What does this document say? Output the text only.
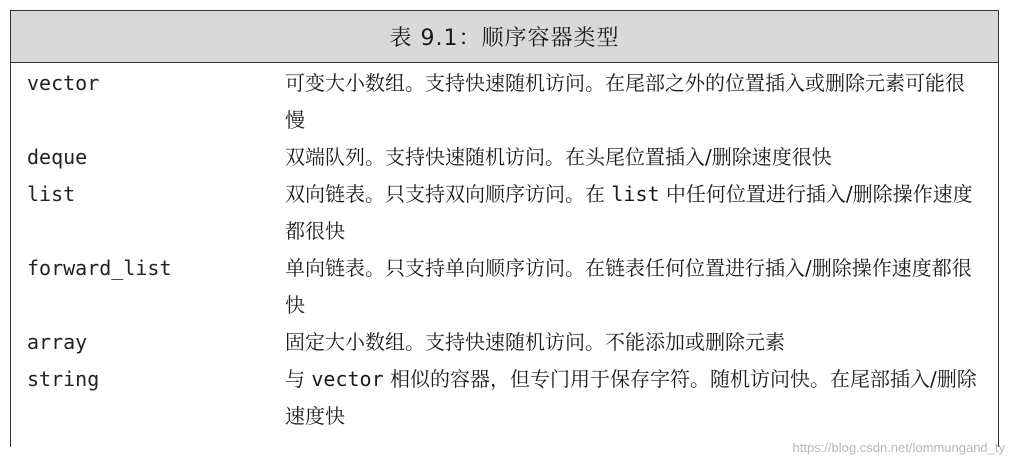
表 9.1：顺序容器类型
vector	可变大小数组。支持快速随机访问。在尾部之外的位置插入或删除元素可能很慢
deque	双端队列。支持快速随机访问。在头尾位置插入/删除速度很快
list	双向链表。只支持双向顺序访问。在 list 中任何位置进行插入/删除操作速度都很快
forward_list	单向链表。只支持单向顺序访问。在链表任何位置进行插入/删除操作速度都很快
array	固定大小数组。支持快速随机访问。不能添加或删除元素
string	与 vector 相似的容器，但专门用于保存字符。随机访问快。在尾部插入/删除速度快
https://blog.csdn.net/lommungand_ty
